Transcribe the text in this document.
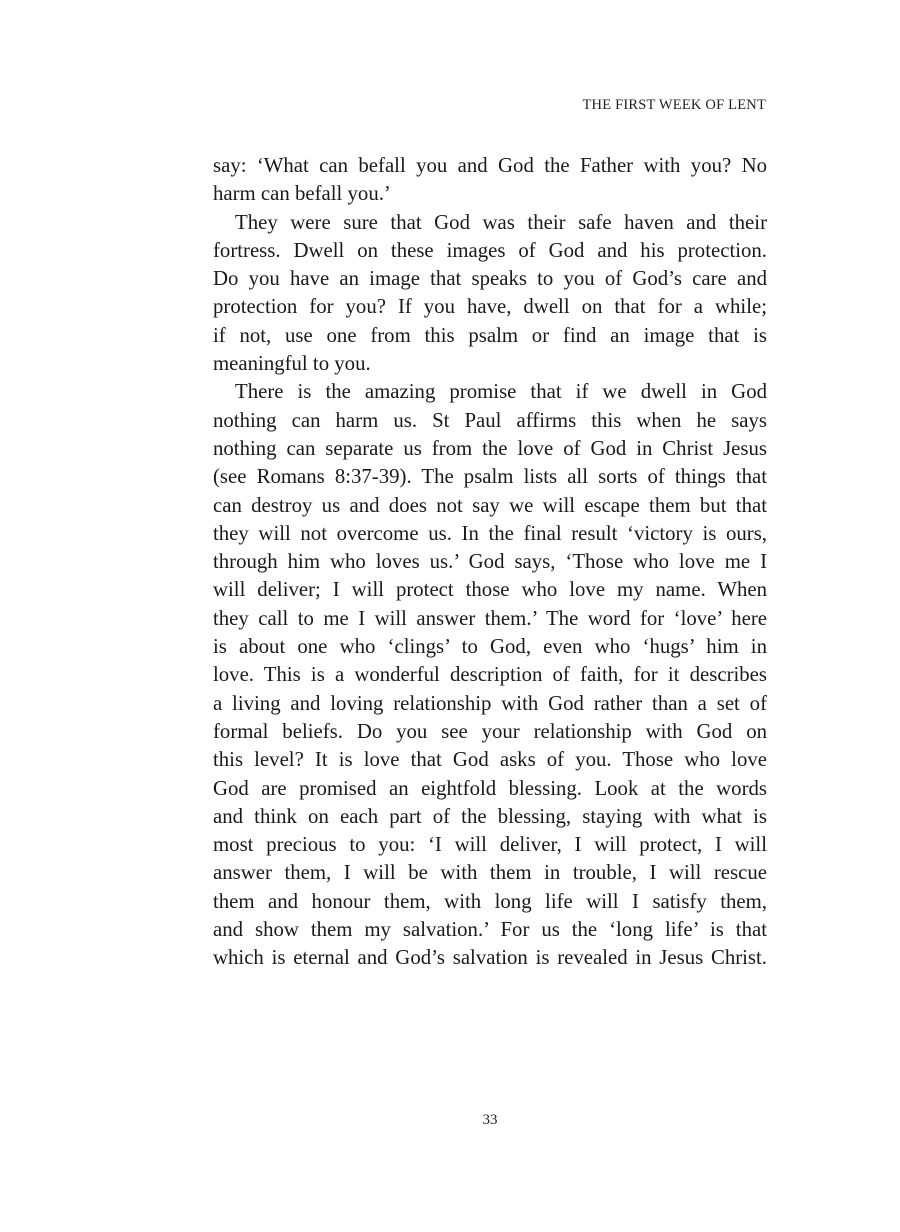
THE FIRST WEEK OF LENT
say: ‘What can befall you and God the Father with you? No
harm can befall you.’
They were sure that God was their safe haven and their
fortress. Dwell on these images of God and his protection.
Do you have an image that speaks to you of God’s care and
protection for you? If you have, dwell on that for a while;
if not, use one from this psalm or find an image that is
meaningful to you.
There is the amazing promise that if we dwell in God
nothing can harm us. St Paul affirms this when he says
nothing can separate us from the love of God in Christ Jesus
(see Romans 8:37-39). The psalm lists all sorts of things that
can destroy us and does not say we will escape them but that
they will not overcome us. In the final result ‘victory is ours,
through him who loves us.’ God says, ‘Those who love me I
will deliver; I will protect those who love my name. When
they call to me I will answer them.’ The word for ‘love’ here
is about one who ‘clings’ to God, even who ‘hugs’ him in
love. This is a wonderful description of faith, for it describes
a living and loving relationship with God rather than a set of
formal beliefs. Do you see your relationship with God on
this level? It is love that God asks of you. Those who love
God are promised an eightfold blessing. Look at the words
and think on each part of the blessing, staying with what is
most precious to you: ‘I will deliver, I will protect, I will
answer them, I will be with them in trouble, I will rescue
them and honour them, with long life will I satisfy them,
and show them my salvation.’ For us the ‘long life’ is that
which is eternal and God’s salvation is revealed in Jesus Christ.
33
